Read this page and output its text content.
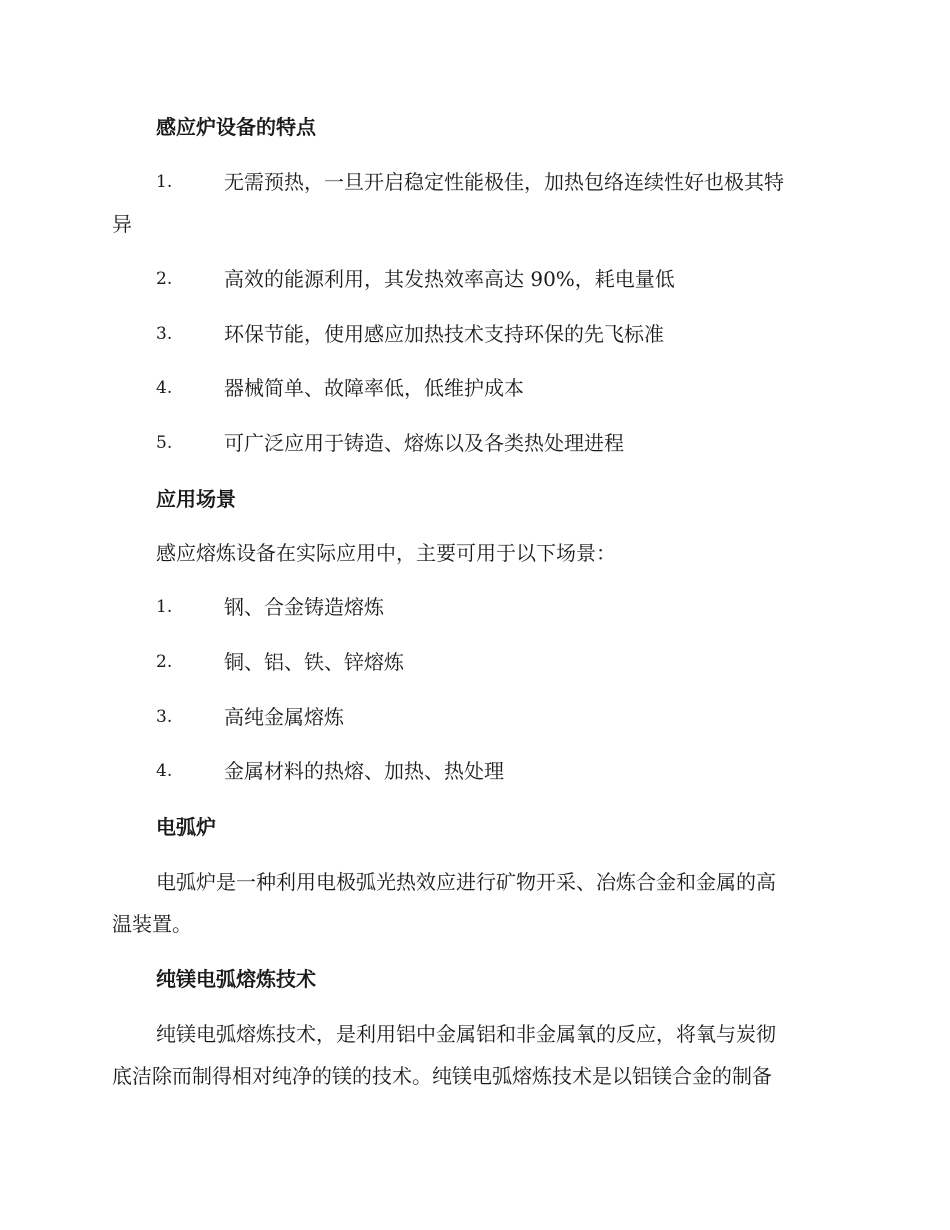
感应炉设备的特点
1.	无需预热，一旦开启稳定性能极佳，加热包络连续性好也极其特
异
2.	高效的能源利用，其发热效率高达 90%，耗电量低
3.	环保节能，使用感应加热技术支持环保的先飞标准
4.	器械简单、故障率低，低维护成本
5.	可广泛应用于铸造、熔炼以及各类热处理进程
应用场景
感应熔炼设备在实际应用中，主要可用于以下场景：
1.	钢、合金铸造熔炼
2.	铜、铝、铁、锌熔炼
3.	高纯金属熔炼
4.	金属材料的热熔、加热、热处理
电弧炉
电弧炉是一种利用电极弧光热效应进行矿物开采、冶炼合金和金属的高
温装置。
纯镁电弧熔炼技术
纯镁电弧熔炼技术，是利用铝中金属铝和非金属氧的反应，将氧与炭彻
底洁除而制得相对纯净的镁的技术。纯镁电弧熔炼技术是以铝镁合金的制备
